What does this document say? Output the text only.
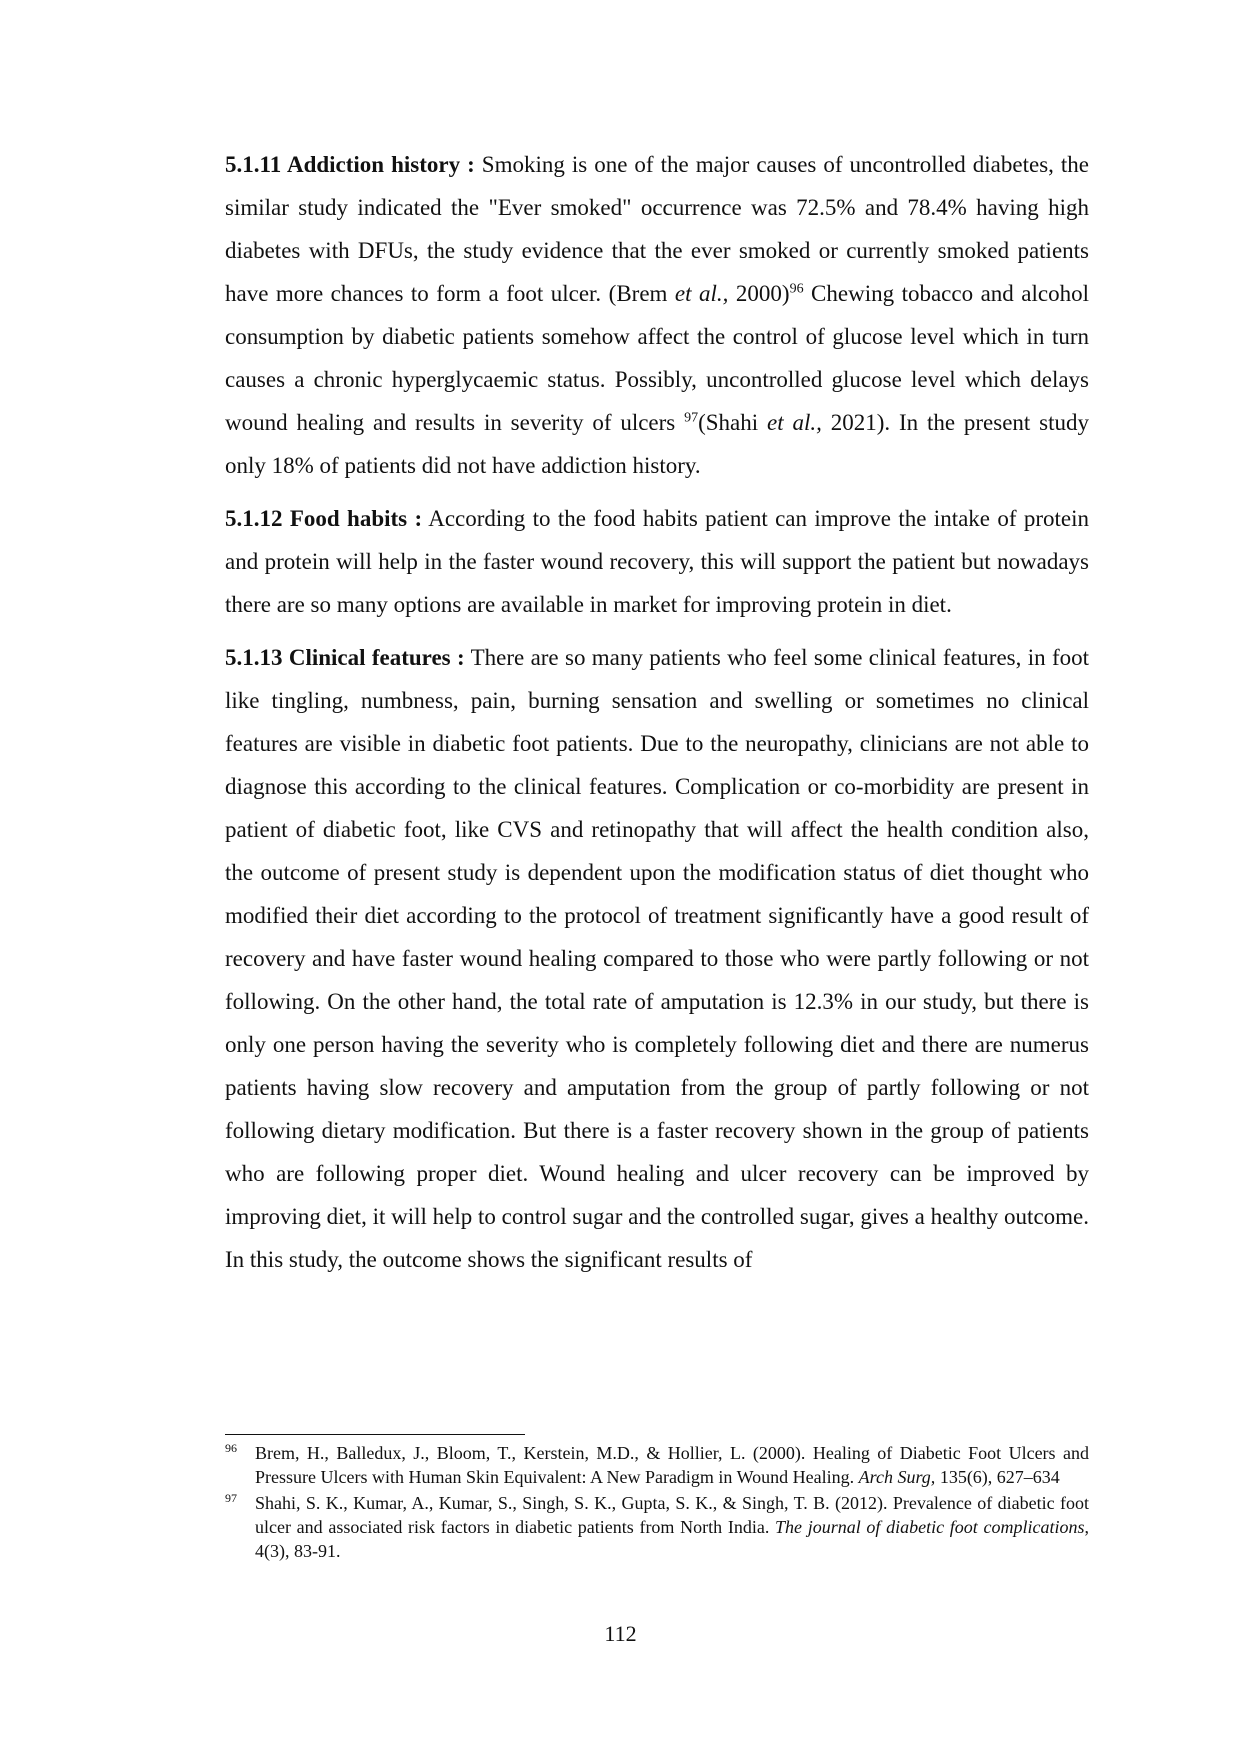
5.1.11 Addiction history : Smoking is one of the major causes of uncontrolled diabetes, the similar study indicated the "Ever smoked" occurrence was 72.5% and 78.4% having high diabetes with DFUs, the study evidence that the ever smoked or currently smoked patients have more chances to form a foot ulcer. (Brem et al., 2000)$^{96}$ Chewing tobacco and alcohol consumption by diabetic patients somehow affect the control of glucose level which in turn causes a chronic hyperglycaemic status. Possibly, uncontrolled glucose level which delays wound healing and results in severity of ulcers $^{97}$(Shahi et al., 2021). In the present study only 18% of patients did not have addiction history.

5.1.12 Food habits : According to the food habits patient can improve the intake of protein and protein will help in the faster wound recovery, this will support the patient but nowadays there are so many options are available in market for improving protein in diet.

5.1.13 Clinical features : There are so many patients who feel some clinical features, in foot like tingling, numbness, pain, burning sensation and swelling or sometimes no clinical features are visible in diabetic foot patients. Due to the neuropathy, clinicians are not able to diagnose this according to the clinical features. Complication or co-morbidity are present in patient of diabetic foot, like CVS and retinopathy that will affect the health condition also, the outcome of present study is dependent upon the modification status of diet thought who modified their diet according to the protocol of treatment significantly have a good result of recovery and have faster wound healing compared to those who were partly following or not following. On the other hand, the total rate of amputation is 12.3% in our study, but there is only one person having the severity who is completely following diet and there are numerus patients having slow recovery and amputation from the group of partly following or not following dietary modification. But there is a faster recovery shown in the group of patients who are following proper diet. Wound healing and ulcer recovery can be improved by improving diet, it will help to control sugar and the controlled sugar, gives a healthy outcome. In this study, the outcome shows the significant results of

96 Brem, H., Balledux, J., Bloom, T., Kerstein, M.D., & Hollier, L. (2000). Healing of Diabetic Foot Ulcers and Pressure Ulcers with Human Skin Equivalent: A New Paradigm in Wound Healing. Arch Surg, 135(6), 627–634
97 Shahi, S. K., Kumar, A., Kumar, S., Singh, S. K., Gupta, S. K., & Singh, T. B. (2012). Prevalence of diabetic foot ulcer and associated risk factors in diabetic patients from North India. The journal of diabetic foot complications, 4(3), 83-91.
112
